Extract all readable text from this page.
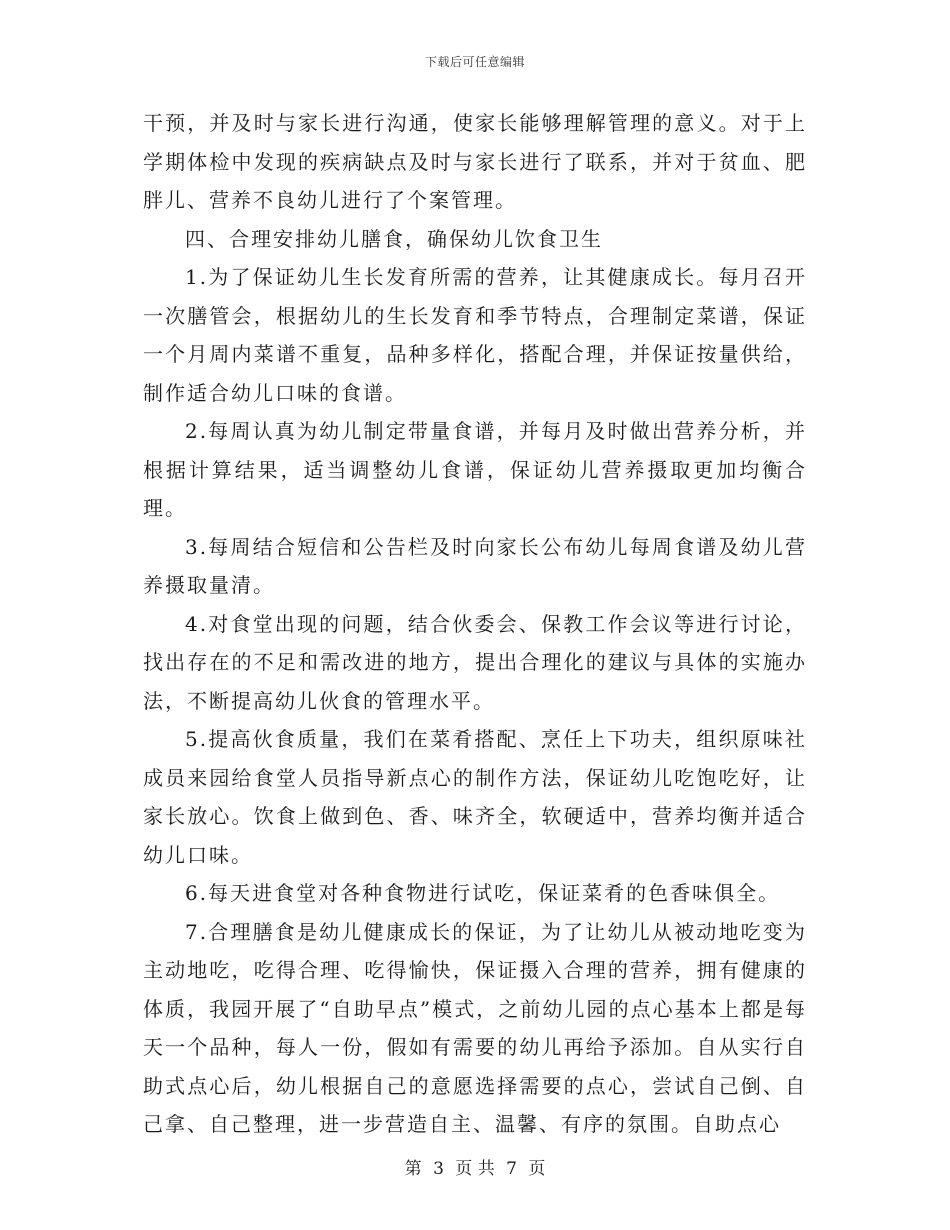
下载后可任意编辑

干预，并及时与家长进行沟通，使家长能够理解管理的意义。对于上学期体检中发现的疾病缺点及时与家长进行了联系，并对于贫血、肥胖儿、营养不良幼儿进行了个案管理。

四、合理安排幼儿膳食，确保幼儿饮食卫生

1.为了保证幼儿生长发育所需的营养，让其健康成长。每月召开一次膳管会，根据幼儿的生长发育和季节特点，合理制定菜谱，保证一个月周内菜谱不重复，品种多样化，搭配合理，并保证按量供给，制作适合幼儿口味的食谱。

2.每周认真为幼儿制定带量食谱，并每月及时做出营养分析，并根据计算结果，适当调整幼儿食谱，保证幼儿营养摄取更加均衡合理。

3.每周结合短信和公告栏及时向家长公布幼儿每周食谱及幼儿营养摄取量清。

4.对食堂出现的问题，结合伙委会、保教工作会议等进行讨论，找出存在的不足和需改进的地方，提出合理化的建议与具体的实施办法，不断提高幼儿伙食的管理水平。

5.提高伙食质量，我们在菜肴搭配、烹任上下功夫，组织原味社成员来园给食堂人员指导新点心的制作方法，保证幼儿吃饱吃好，让家长放心。饮食上做到色、香、味齐全，软硬适中，营养均衡并适合幼儿口味。

6.每天进食堂对各种食物进行试吃，保证菜肴的色香味俱全。

7.合理膳食是幼儿健康成长的保证，为了让幼儿从被动地吃变为主动地吃，吃得合理、吃得愉快，保证摄入合理的营养，拥有健康的体质，我园开展了“自助早点”模式，之前幼儿园的点心基本上都是每天一个品种，每人一份，假如有需要的幼儿再给予添加。自从实行自助式点心后，幼儿根据自己的意愿选择需要的点心，尝试自己倒、自己拿、自己整理，进一步营造自主、温馨、有序的氛围。自助点心

第 3 页 共 7 页
